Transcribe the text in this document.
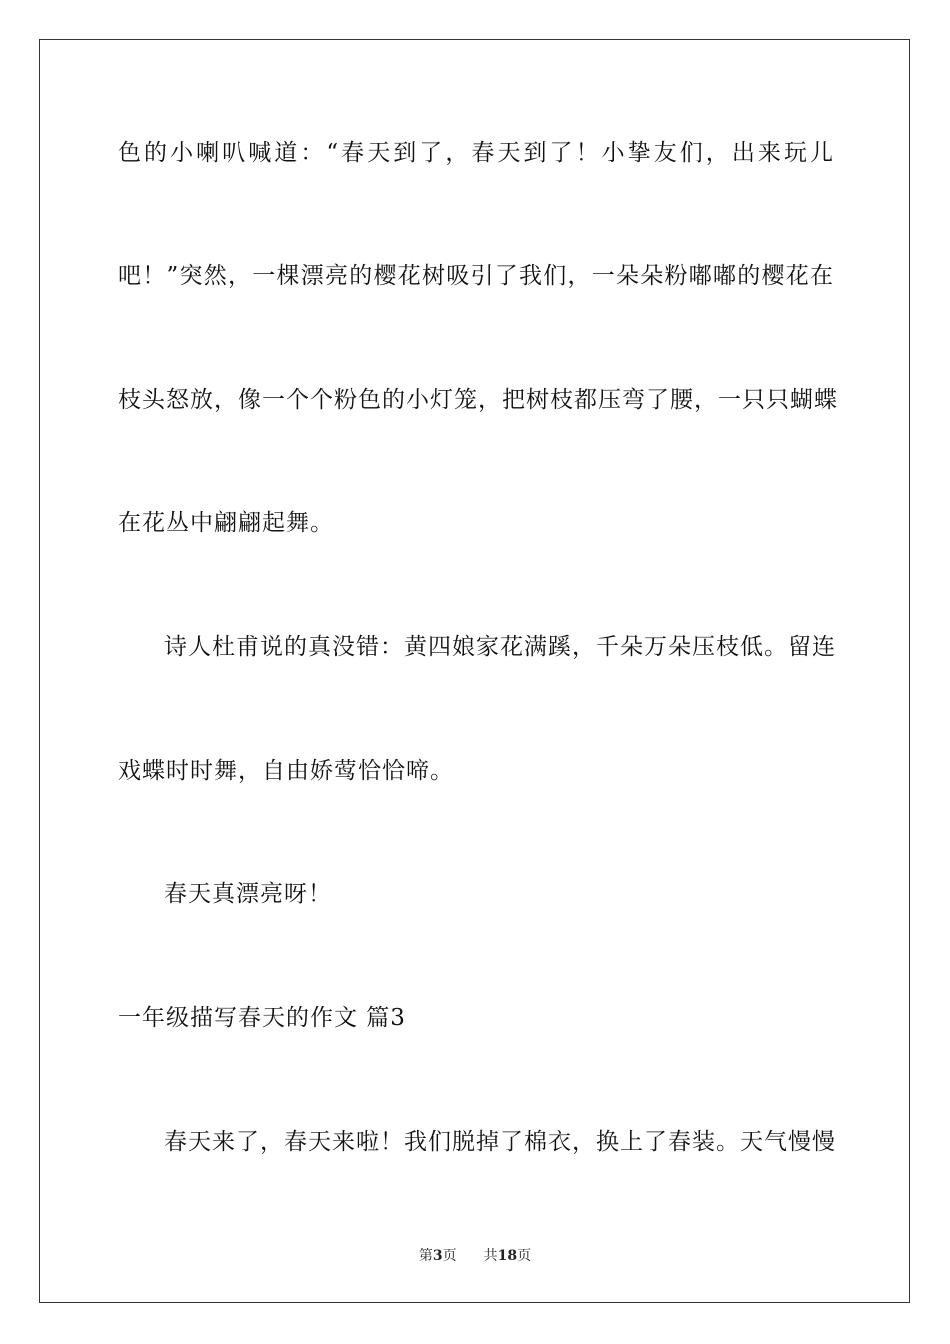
色的小喇叭喊道：“春天到了，春天到了！小挚友们，出来玩儿
吧！”突然，一棵漂亮的樱花树吸引了我们，一朵朵粉嘟嘟的樱花在
枝头怒放，像一个个粉色的小灯笼，把树枝都压弯了腰，一只只蝴蝶
在花丛中翩翩起舞。
诗人杜甫说的真没错：黄四娘家花满蹊，千朵万朵压枝低。留连
戏蝶时时舞，自由娇莺恰恰啼。
春天真漂亮呀！
一年级描写春天的作文 篇3
春天来了，春天来啦！我们脱掉了棉衣，换上了春装。天气慢慢
第3页 共18页
